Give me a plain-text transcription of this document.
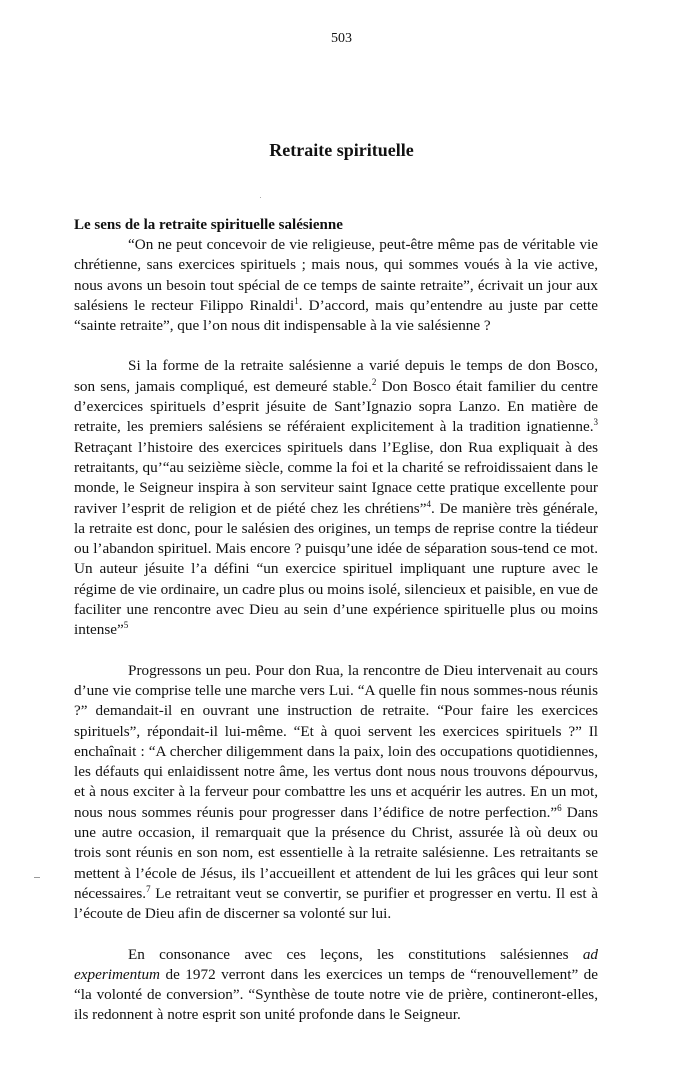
503
Retraite spirituelle
Le sens de la retraite spirituelle salésienne

“On ne peut concevoir de vie religieuse, peut-être même pas de véritable vie chrétienne, sans exercices spirituels ; mais nous, qui sommes voués à la vie active, nous avons un besoin tout spécial de ce temps de sainte retraite”, écrivait un jour aux salésiens le recteur Filippo Rinaldi$^1$. D’accord, mais qu’entendre au juste par cette “sainte retraite”, que l’on nous dit indispensable à la vie salésienne ?

Si la forme de la retraite salésienne a varié depuis le temps de don Bosco, son sens, jamais compliqué, est demeuré stable.$^2$ Don Bosco était familier du centre d’exercices spirituels d’esprit jésuite de Sant’Ignazio sopra Lanzo. En matière de retraite, les premiers salésiens se référaient explicitement à la tradition ignatienne.$^3$ Retraçant l’histoire des exercices spirituels dans l’Eglise, don Rua expliquait à des retraitants, qu’“au seizième siècle, comme la foi et la charité se refroidissaient dans le monde, le Seigneur inspira à son serviteur saint Ignace cette pratique excellente pour raviver l’esprit de religion et de piété chez les chrétiens”$^4$. De manière très générale, la retraite est donc, pour le salésien des origines, un temps de reprise contre la tiédeur ou l’abandon spirituel. Mais encore ? puisqu’une idée de séparation sous-tend ce mot. Un auteur jésuite l’a défini “un exercice spirituel impliquant une rupture avec le régime de vie ordinaire, un cadre plus ou moins isolé, silencieux et paisible, en vue de faciliter une rencontre avec Dieu au sein d’une expérience spirituelle plus ou moins intense”$^5$

Progressons un peu. Pour don Rua, la rencontre de Dieu intervenait au cours d’une vie comprise telle une marche vers Lui. “A quelle fin nous sommes-nous réunis ?” demandait-il en ouvrant une instruction de retraite. “Pour faire les exercices spirituels”, répondait-il lui-même. “Et à quoi servent les exercices spirituels ?” Il enchaînait : “A chercher diligemment dans la paix, loin des occupations quotidiennes, les défauts qui enlaidissent notre âme, les vertus dont nous nous trouvons dépourvus, et à nous exciter à la ferveur pour combattre les uns et acquérir les autres. En un mot, nous nous sommes réunis pour progresser dans l’édifice de notre perfection.”$^6$ Dans une autre occasion, il remarquait que la présence du Christ, assurée là où deux ou trois sont réunis en son nom, est essentielle à la retraite salésienne. Les retraitants se mettent à l’école de Jésus, ils l’accueillent et attendent de lui les grâces qui leur sont nécessaires.$^7$ Le retraitant veut se convertir, se purifier et progresser en vertu. Il est à l’écoute de Dieu afin de discerner sa volonté sur lui.

En consonance avec ces leçons, les constitutions salésiennes ad experimentum de 1972 verront dans les exercices un temps de “renouvellement” de “la volonté de conversion”. “Synthèse de toute notre vie de prière, contineront-elles, ils redonnent à notre esprit son unité profonde dans le Seigneur.
